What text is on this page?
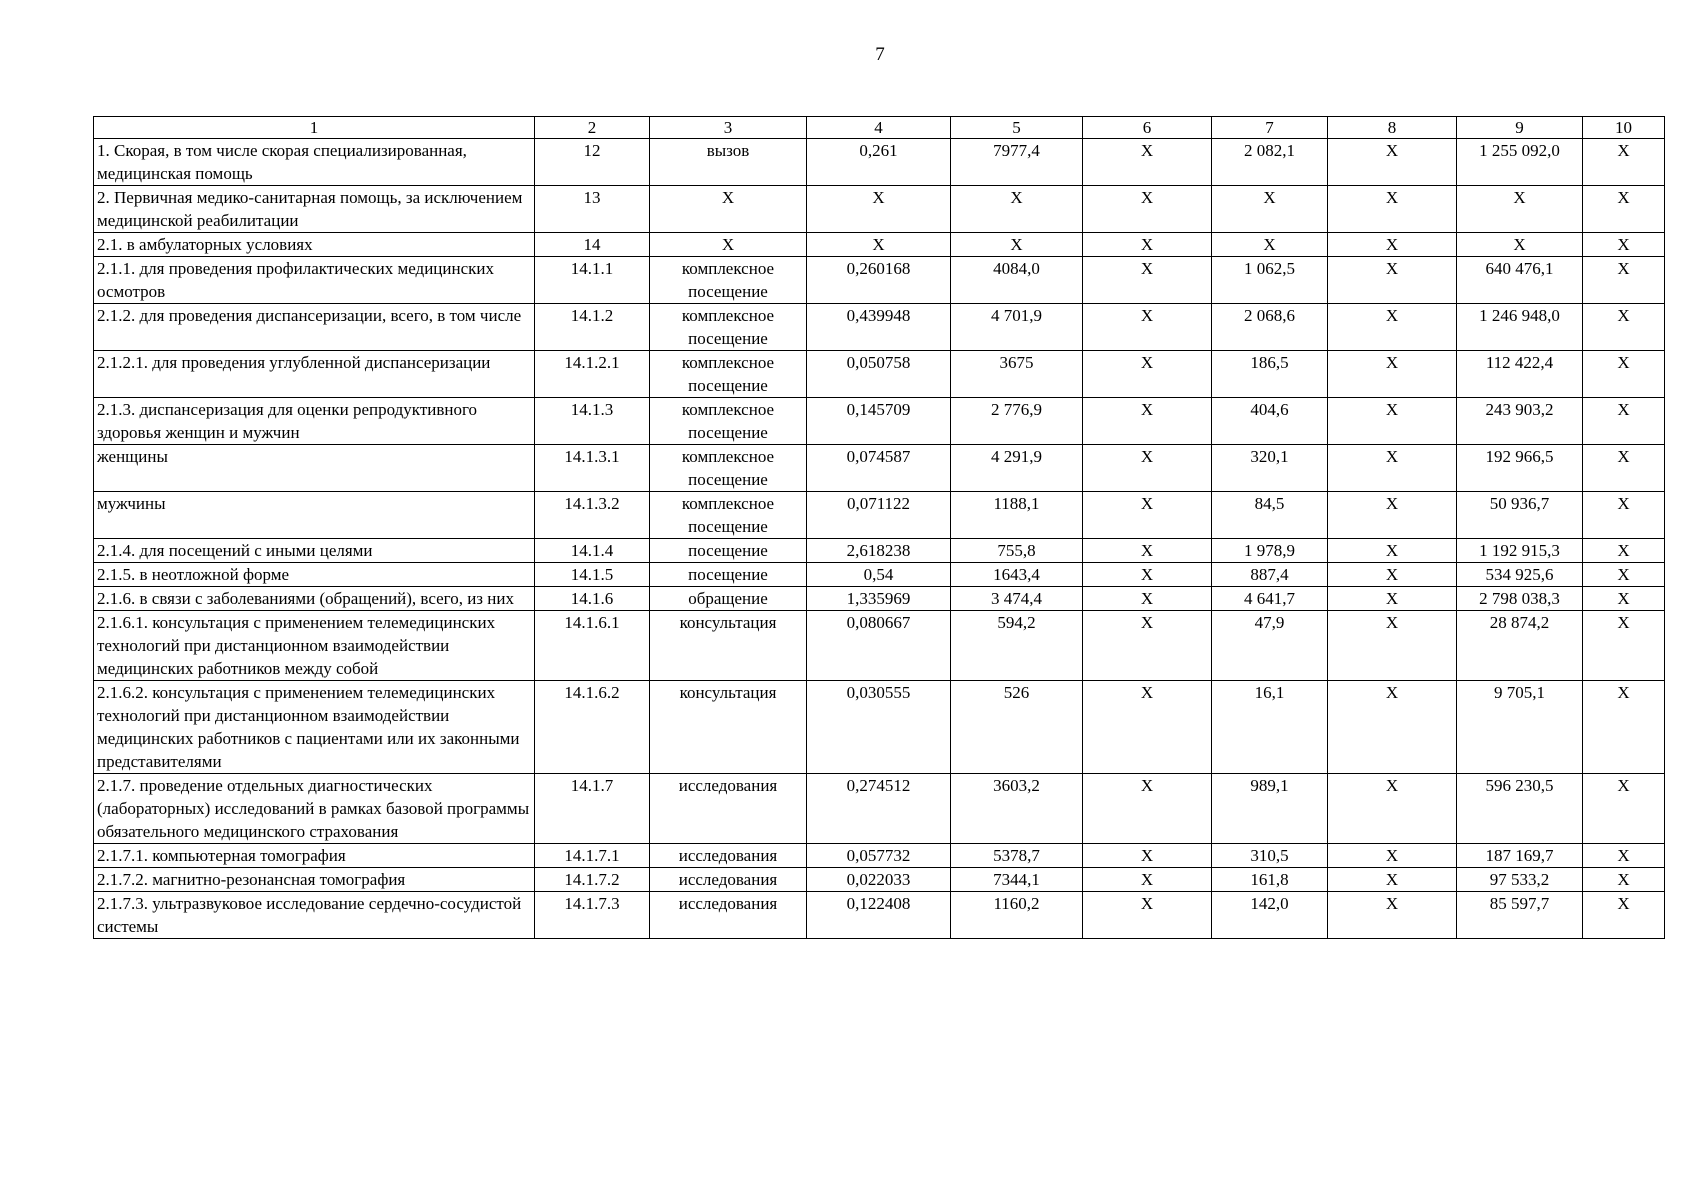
7
1	2	3	4	5	6	7	8	9	10
1. Скорая, в том числе скорая специализированная, медицинская помощь	12	вызов	0,261	7977,4	Х	2 082,1	Х	1 255 092,0	Х
2. Первичная медико-санитарная помощь, за исключением медицинской реабилитации	13	Х	Х	Х	Х	Х	Х	Х	Х
2.1. в амбулаторных условиях	14	Х	Х	Х	Х	Х	Х	Х	Х
2.1.1. для проведения профилактических медицинских осмотров	14.1.1	комплексное посещение	0,260168	4084,0	Х	1 062,5	Х	640 476,1	Х
2.1.2. для проведения диспансеризации, всего, в том числе	14.1.2	комплексное посещение	0,439948	4 701,9	Х	2 068,6	Х	1 246 948,0	Х
2.1.2.1. для проведения углубленной диспансеризации	14.1.2.1	комплексное посещение	0,050758	3675	Х	186,5	Х	112 422,4	Х
2.1.3. диспансеризация для оценки репродуктивного здоровья женщин и мужчин	14.1.3	комплексное посещение	0,145709	2 776,9	Х	404,6	Х	243 903,2	Х
женщины	14.1.3.1	комплексное посещение	0,074587	4 291,9	Х	320,1	Х	192 966,5	Х
мужчины	14.1.3.2	комплексное посещение	0,071122	1188,1	Х	84,5	Х	50 936,7	Х
2.1.4. для посещений с иными целями	14.1.4	посещение	2,618238	755,8	Х	1 978,9	Х	1 192 915,3	Х
2.1.5. в неотложной форме	14.1.5	посещение	0,54	1643,4	Х	887,4	Х	534 925,6	Х
2.1.6. в связи с заболеваниями (обращений), всего, из них	14.1.6	обращение	1,335969	3 474,4	Х	4 641,7	Х	2 798 038,3	Х
2.1.6.1. консультация с применением телемедицинских технологий при дистанционном взаимодействии медицинских работников между собой	14.1.6.1	консультация	0,080667	594,2	Х	47,9	Х	28 874,2	Х
2.1.6.2. консультация с применением телемедицинских технологий при дистанционном взаимодействии медицинских работников с пациентами или их законными представителями	14.1.6.2	консультация	0,030555	526	Х	16,1	Х	9 705,1	Х
2.1.7. проведение отдельных диагностических (лабораторных) исследований в рамках базовой программы обязательного медицинского страхования	14.1.7	исследования	0,274512	3603,2	Х	989,1	Х	596 230,5	Х
2.1.7.1. компьютерная томография	14.1.7.1	исследования	0,057732	5378,7	Х	310,5	Х	187 169,7	Х
2.1.7.2. магнитно-резонансная томография	14.1.7.2	исследования	0,022033	7344,1	Х	161,8	Х	97 533,2	Х
2.1.7.3. ультразвуковое исследование сердечно-сосудистой системы	14.1.7.3	исследования	0,122408	1160,2	Х	142,0	Х	85 597,7	Х
